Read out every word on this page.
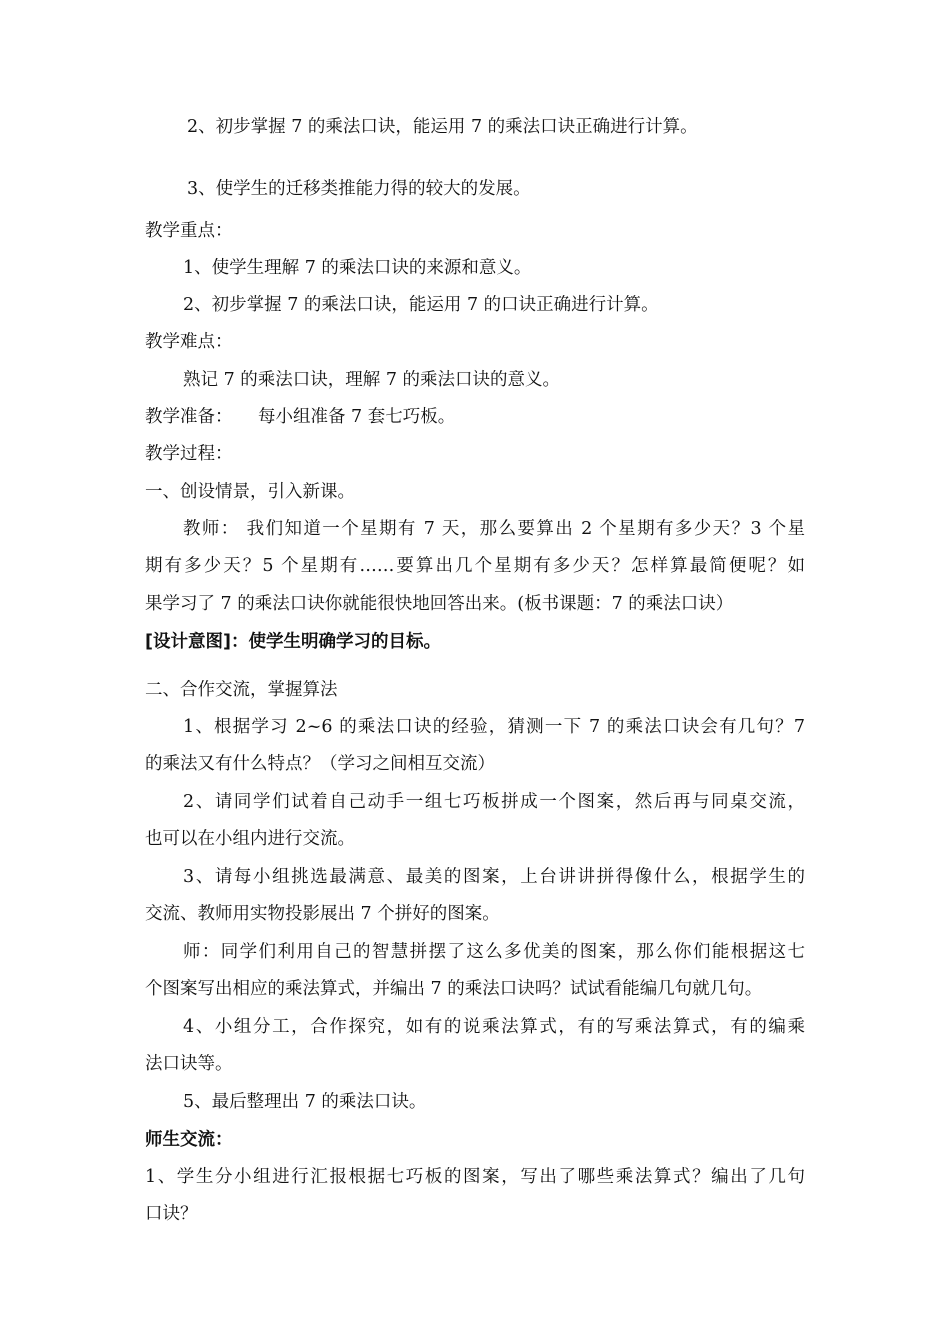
2、初步掌握 7 的乘法口诀，能运用 7 的乘法口诀正确进行计算。
3、使学生的迁移类推能力得的较大的发展。
教学重点：
1、使学生理解 7 的乘法口诀的来源和意义。
2、初步掌握 7 的乘法口诀，能运用 7 的口诀正确进行计算。
教学难点：
熟记 7 的乘法口诀，理解 7 的乘法口诀的意义。
教学准备： 每小组准备 7 套七巧板。
教学过程：
一、创设情景，引入新课。
教师： 我们知道一个星期有 7 天，那么要算出 2 个星期有多少天？3 个星
期有多少天？5 个星期有……要算出几个星期有多少天？怎样算最简便呢？如
果学习了 7 的乘法口诀你就能很快地回答出来。(板书课题：7 的乘法口诀）
[设计意图]：使学生明确学习的目标。
二、合作交流，掌握算法
1、根据学习 2~6 的乘法口诀的经验，猜测一下 7 的乘法口诀会有几句？7
的乘法又有什么特点？（学习之间相互交流）
2、请同学们试着自己动手一组七巧板拼成一个图案，然后再与同桌交流，
也可以在小组内进行交流。
3、请每小组挑选最满意、最美的图案，上台讲讲拼得像什么，根据学生的
交流、教师用实物投影展出 7 个拼好的图案。
师：同学们利用自己的智慧拼摆了这么多优美的图案，那么你们能根据这七
个图案写出相应的乘法算式，并编出 7 的乘法口诀吗？试试看能编几句就几句。
4、小组分工，合作探究，如有的说乘法算式，有的写乘法算式，有的编乘
法口诀等。
5、最后整理出 7 的乘法口诀。
师生交流：
1、学生分小组进行汇报根据七巧板的图案，写出了哪些乘法算式？编出了几句
口诀？
